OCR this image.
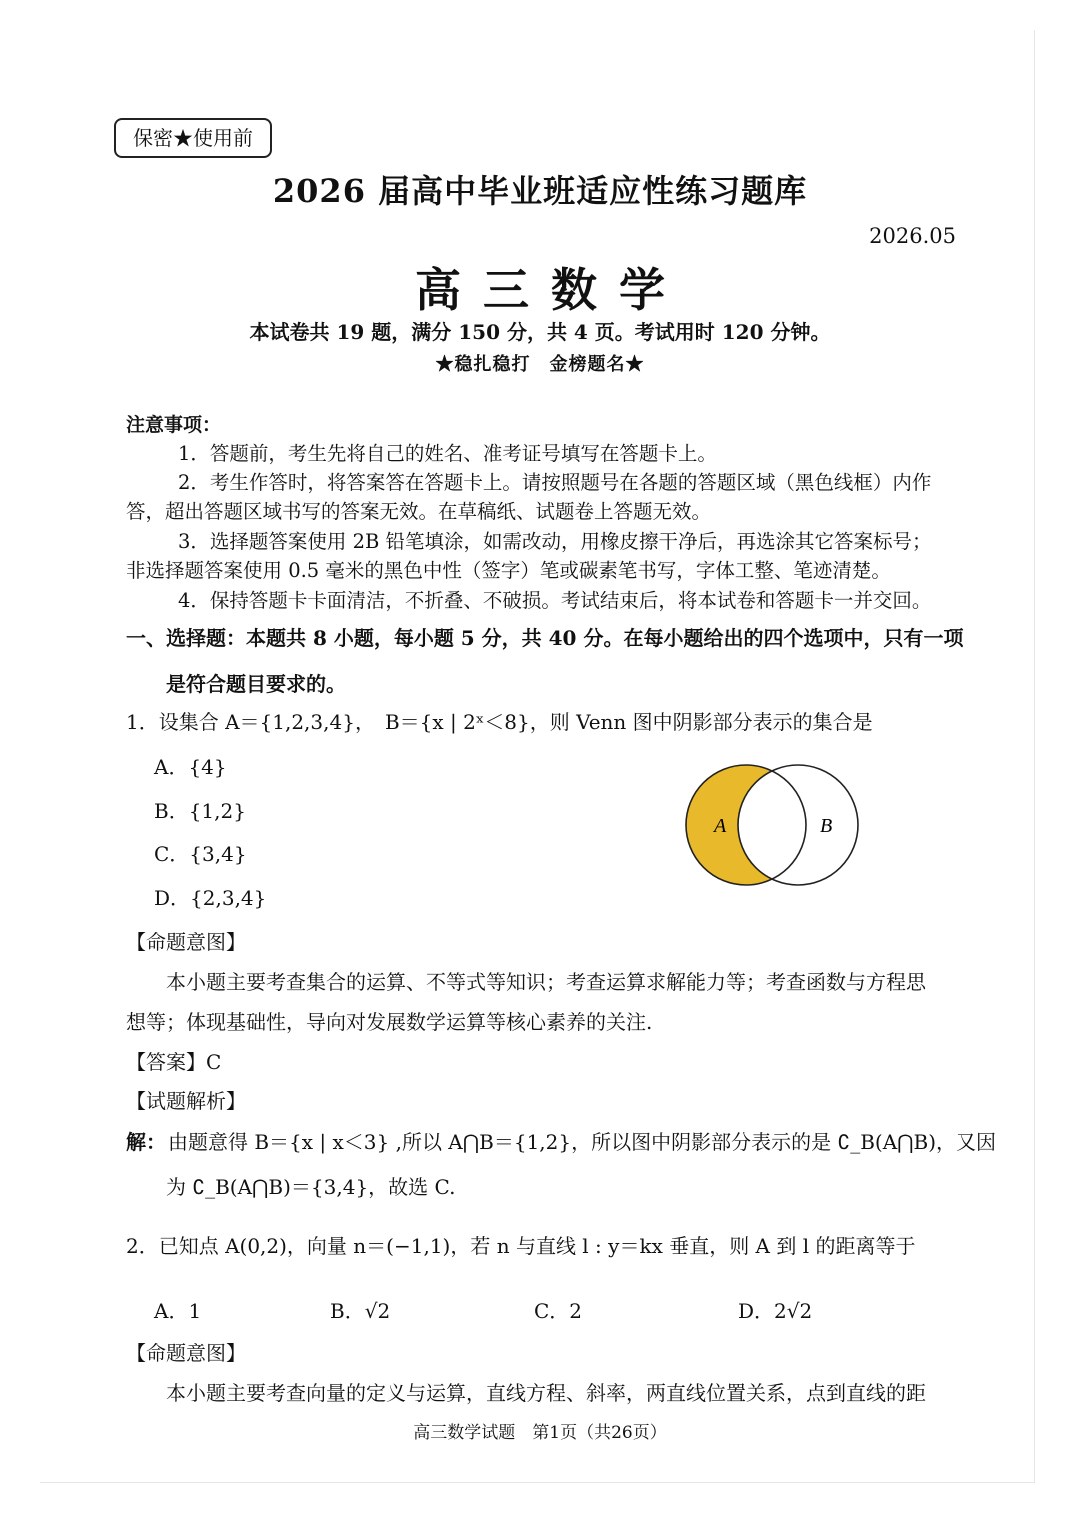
保密★使用前
2026 届高中毕业班适应性练习题库
2026.05
高三数学
本试卷共 19 题，满分 150 分，共 4 页。考试用时 120 分钟。
★稳扎稳打　金榜题名★
注意事项：
1．答题前，考生先将自己的姓名、准考证号填写在答题卡上。
2．考生作答时，将答案答在答题卡上。请按照题号在各题的答题区域（黑色线框）内作
答，超出答题区域书写的答案无效。在草稿纸、试题卷上答题无效。
3．选择题答案使用 2B 铅笔填涂，如需改动，用橡皮擦干净后，再选涂其它答案标号；
非选择题答案使用 0.5 毫米的黑色中性（签字）笔或碳素笔书写，字体工整、笔迹清楚。
4．保持答题卡卡面清洁，不折叠、不破损。考试结束后，将本试卷和答题卡一并交回。
一、选择题：本题共 8 小题，每小题 5 分，共 40 分。在每小题给出的四个选项中，只有一项
是符合题目要求的。
1．设集合 A＝{1,2,3,4}，　B＝{x | 2ˣ＜8}，则 Venn 图中阴影部分表示的集合是
A．{4}
B．{1,2}
C．{3,4}
D．{2,3,4}
A	B
【命题意图】
本小题主要考查集合的运算、不等式等知识；考查运算求解能力等；考查函数与方程思
想等；体现基础性，导向对发展数学运算等核心素养的关注.
【答案】C
【试题解析】
解： 由题意得 B＝{x | x＜3} ,所以 A⋂B＝{1,2}，所以图中阴影部分表示的是 ∁_B(A⋂B)，又因
为 ∁_B(A⋂B)＝{3,4}，故选 C.
2．已知点 A(0,2)，向量 n＝(−1,1)，若 n 与直线 l : y＝kx 垂直，则 A 到 l 的距离等于
A．1	B．√2	C．2	D．2√2
【命题意图】
本小题主要考查向量的定义与运算，直线方程、斜率，两直线位置关系，点到直线的距
高三数学试题　第1页（共26页）
